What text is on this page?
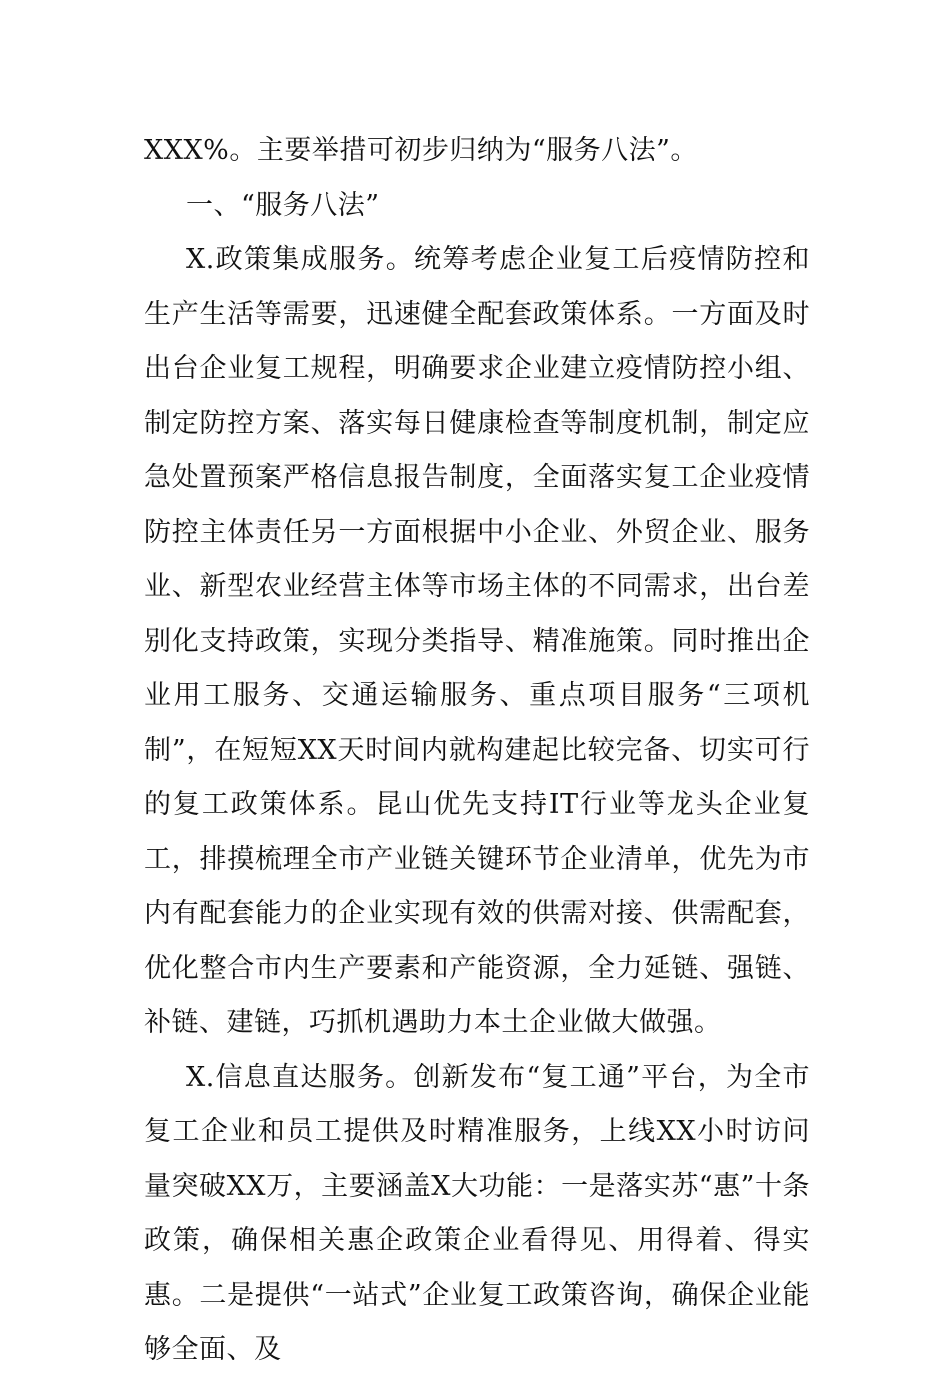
XXX%。主要举措可初步归纳为“服务八法”。

一、“服务八法”

X.政策集成服务。统筹考虑企业复工后疫情防控和生产生活等需要，迅速健全配套政策体系。一方面及时出台企业复工规程，明确要求企业建立疫情防控小组、制定防控方案、落实每日健康检查等制度机制，制定应急处置预案严格信息报告制度，全面落实复工企业疫情防控主体责任另一方面根据中小企业、外贸企业、服务业、新型农业经营主体等市场主体的不同需求，出台差别化支持政策，实现分类指导、精准施策。同时推出企业用工服务、交通运输服务、重点项目服务“三项机制”，在短短XX天时间内就构建起比较完备、切实可行的复工政策体系。昆山优先支持IT行业等龙头企业复工，排摸梳理全市产业链关键环节企业清单，优先为市内有配套能力的企业实现有效的供需对接、供需配套，优化整合市内生产要素和产能资源，全力延链、强链、补链、建链，巧抓机遇助力本土企业做大做强。

X.信息直达服务。创新发布“复工通”平台，为全市复工企业和员工提供及时精准服务，上线XX小时访问量突破XX万，主要涵盖X大功能：一是落实苏“惠”十条政策，确保相关惠企政策企业看得见、用得着、得实惠。二是提供“一站式”企业复工政策咨询，确保企业能够全面、及
